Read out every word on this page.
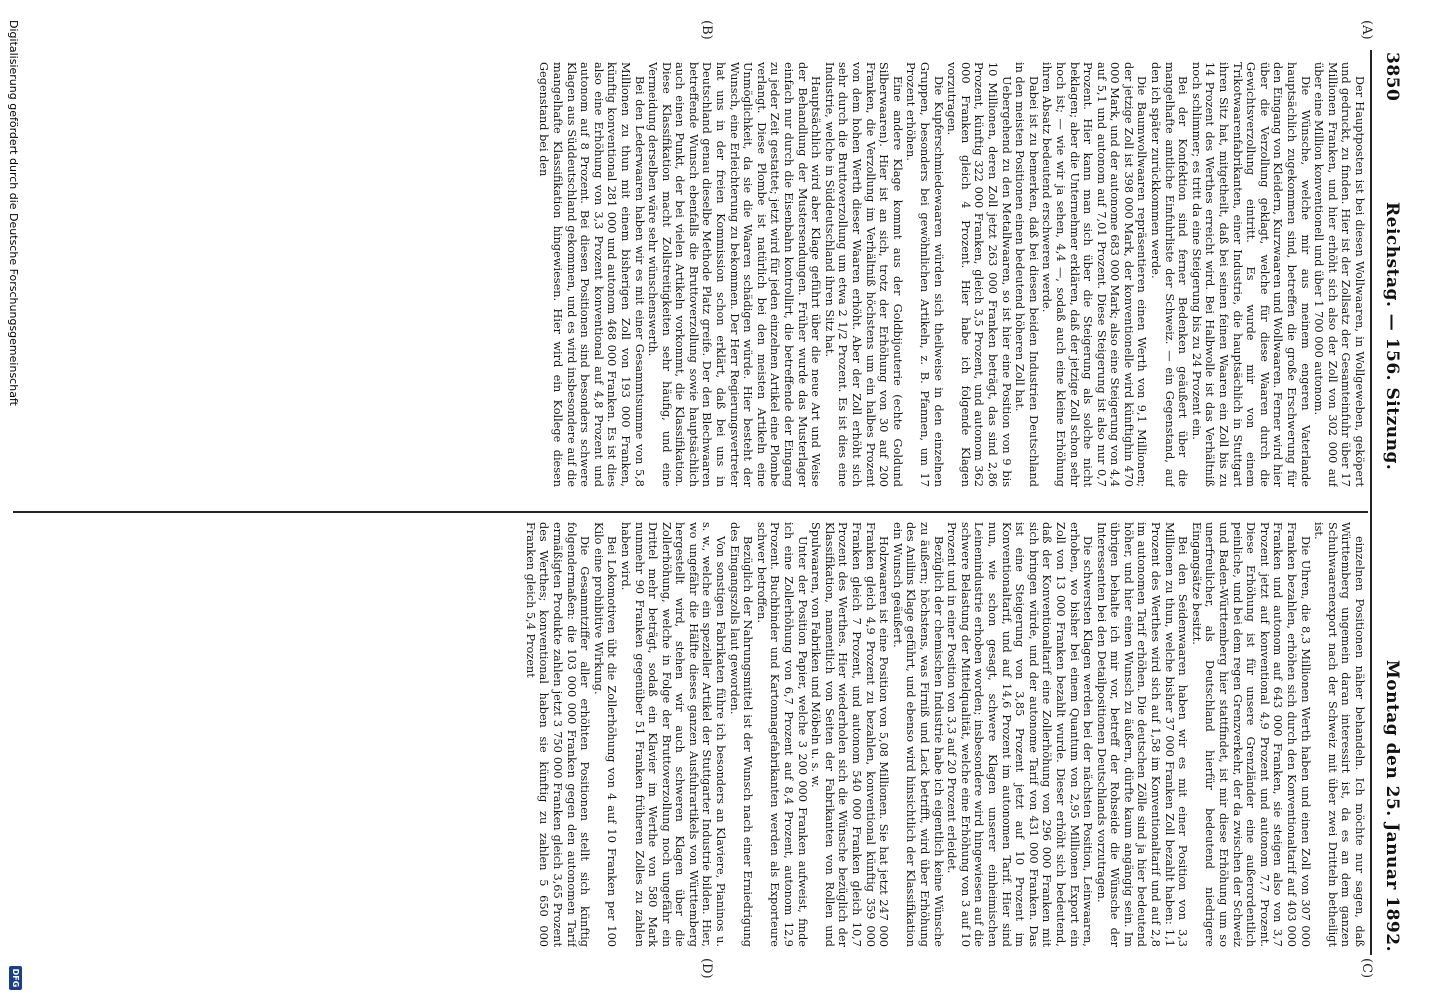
3850
Reichstag. — 156. Sitzung.
Montag den 25. Januar 1892.
(A)
(B)
(C)
(D)

Der Hauptposten ist bei diesen Wollwaaren, in Wollgeweben, geköpert und gedruckt, zu finden. Hier ist der Zollsatz der Gesamteinfuhr über 17 Millionen Franken, und hier erhöht sich also der Zoll von 302 000 auf über eine Million konventionell und über 1 700 000 autonom.

Die Wünsche, welche mir aus meinem engeren Vaterlande hauptsächlich zugekommen sind, betreffen die große Erschwerung für den Eingang von Kleidern, Kurzwaaren und Wollwaaren. Ferner wird hier über die Verzollung geklagt, welche für diese Waaren durch die Gewichtsverzollung eintritt. Es wurde mir von einem Trikotwaarenfabrikanten, einer Industrie, die hauptsächlich in Stuttgart ihren Sitz hat, mitgetheilt, daß bei seinen feinen Waaren ein Zoll bis zu 14 Prozent des Werthes erreicht wird. Bei Halbwolle ist das Verhältniß noch schlimmer; es tritt da eine Steigerung bis zu 24 Prozent ein.

Bei der Konfektion sind ferner Bedenken geäußert über die mangelhafte amtliche Einfuhrliste der Schweiz. — ein Gegenstand, auf den ich später zurückkommen werde.

Die Baumwollwaaren repräsentieren einen Werth von 9,1 Millionen; der jetzige Zoll ist 398 000 Mark, der konventionelle wird künftighin 470 000 Mark, und der autonome 683 000 Mark; also eine Steigerung von 4,4 auf 5,1 und autonom auf 7,01 Prozent. Diese Steigerung ist also nur 0,7 Prozent. Hier kann man sich über die Steigerung als solche nicht beklagen; aber die Unternehmer erklären, daß der jetzige Zoll schon sehr hoch ist; — wie wir ja sehen, 4,4 —, sodaß auch eine kleine Erhöhung ihren Absatz bedeutend erschweren werde.

Dabei ist zu bemerken, daß bei diesen beiden Industrien Deutschland in den meisten Positionen einen bedeutend höheren Zoll hat.

Uebergehend zu den Metallwaaren, so ist hier eine Position von 9 bis 10 Millionen, deren Zoll jetzt 263 000 Franken beträgt, das sind 2,86 Prozent, künftig 322 000 Franken, gleich 3,5 Prozent, und autonom 362 000 Franken gleich 4 Prozent. Hier habe ich folgende Klagen vorzutragen.

Die Kupferschmiedewaaren würden sich theilweise in den einzelnen Gruppen, besonders bei gewöhnlichen Artikeln, z. B. Pfannen, um 17 Prozent erhöhen.

Eine andere Klage kommt aus der Goldbijouterie (echte Goldund Silberwaaren). Hier ist an sich, trotz der Erhöhung von 30 auf 200 Franken, die Verzollung im Verhältniß höchstens um ein halbes Prozent von dem hohen Werth dieser Waaren erhöht. Aber der Zoll erhöht sich sehr durch die Bruttoverzollung um etwa 2 1/2 Prozent. Es ist dies eine Industrie, welche in Süddeutschland ihren Sitz hat.

Hauptsächlich wird aber Klage geführt über die neue Art und Weise der Behandlung der Mustersendungen. Früher wurde das Musterlager einfach nur durch die Eisenbahn kontrollirt, die betreffende der Eingang zu jeder Zeit gestattet; jetzt wird für jeden einzelnen Artikel eine Plombe verlangt. Diese Plombe ist natürlich bei den meisten Artikeln eine Unmöglichkeit, da sie die Waaren schädigen würde. Hier besteht der Wunsch, eine Erleichterung zu bekommen. Der Herr Regierungsvertreter hat uns in der freien Kommission schon erklärt, daß bei uns in Deutschland genau dieselbe Methode Platz greife. Der den Blechwaaren betreffende Wunsch ebenfalls die Bruttoverzollung sowie hauptsächlich auch einen Punkt, der bei vielen Artikeln vorkommt, die Klassifikation. Diese Klassifikation macht Zollstreitigkeiten sehr häufig, und eine Vermeidung derselben wäre sehr wünschenswerth.

Bei den Lederwaaren haben wir es mit einer Gesammtsumme von 5,8 Millionen zu thun mit einem bisherigen Zoll von 193 000 Franken, künftig konventional 281 000 und autonom 468 000 Franken. Es ist dies also eine Erhöhung von 3,3 Prozent konventional auf 4,8 Prozent und autonom auf 8 Prozent. Bei diesen Positionen sind besonders schwere Klagen aus Süddeutschland gekommen, und es wird insbesondere auf die mangelhafte Klassifikation hingewiesen. Hier wird ein Kollege diesen Gegenstand bei den

einzelnen Positionen näher behandeln. Ich möchte nur sagen, daß Württemberg ungemein daran interessirt ist, da es an dem ganzen Schuhwaarenexport nach der Schweiz mit über zwei Dritteln betheiligt ist.

Die Uhren, die 8,3 Millionen Werth haben und einen Zoll von 307 000 Franken bezahlen, erhöhen sich durch den Konventionaltarif auf 403 000 Franken und autonom auf 643 000 Franken, sie steigen also von 3,7 Prozent jetzt auf konventional 4,9 Prozent und autonom 7,7 Prozent. Diese Erhöhung ist für unsere Grenzländer eine außerordentlich peinliche, und bei dem regen Grenzverkehr, der da zwischen der Schweiz und Baden-Württemberg hier stattfindet, ist mir diese Erhöhung um so unerfreulicher, als Deutschland hierfür bedeutend niedrigere Eingangsätze besitzt.

Bei den Seidenwaaren haben wir es mit einer Position von 3,3 Millionen zu thun, welche bisher 37 000 Franken Zoll bezahlt haben: 1,1 Prozent des Werthes wird sich auf 1,58 im Konventionaltarif und auf 2,8 im autonomen Tarif erhöhen. Die deutschen Zölle sind ja hier bedeutend höher, und hier einen Wunsch zu äußern, dürfte kaum angängig sein. Im übrigen behalte ich mir vor, betreff der Rohseide die Wünsche der Interessenten bei den Detailpositionen Deutschlands vorzutragen.

Die schwersten Klagen werden bei der nächsten Position, Leinwaaren, erhoben, wo bisher bei einem Quantum von 2,95 Millionen Export ein Zoll von 13 000 Franken bezahlt wurde. Dieser erhöht sich bedeutend, daß der Konventionaltarif eine Zollerhöhung von 296 000 Franken mit sich bringen würde, und der autonome Tarif von 431 000 Franken. Das ist eine Steigerung von 3,85 Prozent jetzt auf 10 Prozent im Konventionaltarif, und auf 14,6 Prozent im autonomen Tarif. Hier sind nun, wie schon gesagt, schwere Klagen unserer einheimischen Leinenindustrie erhoben worden; insbesondere wird hingewiesen auf die schwere Belastung der Mittelqualität, welche eine Erhöhung von 3 auf 10 Prozent und in einer Position von 3,3 auf 20 Prozent erleidet.

Bezüglich der chemischen Industrie habe ich eigentlich keine Wünsche zu äußern; höchstens, was Firniß und Lack betrifft, wird über Erhöhung des Anilins Klage geführt, und ebenso wird hinsichtlich der Klassifikation ein Wunsch geäußert.

Holzwaaren ist eine Position von 5,08 Millionen. Sie hat jetzt 247 000 Franken gleich 4,9 Prozent zu bezahlen, konventional künftig 359 000 Franken gleich 7 Prozent, und autonom 540 000 Franken gleich 10,7 Prozent des Werthes. Hier wiederholen sich die Wünsche bezüglich der Klassifikation, namentlich von Seiten der Fabrikanten von Rollen und Spulwaaren, von Fabriken und Möbeln u. s. w.

Unter der Position Papier, welche 3 200 000 Franken aufweist, finde ich eine Zollerhöhung von 6,7 Prozent auf 8,4 Prozent, autonom 12,9 Prozent. Buchbinder und Kartonnagefabrikanten werden als Exporteure schwer betroffen.

Bezüglich der Nahrungsmittel ist der Wunsch nach einer Erniedrigung des Eingangszolls laut geworden.

Von sonstigen Fabrikaten führe ich besonders an Klaviere, Pianinos u. s. w., welche ein spezieller Artikel der Stuttgarter Industrie bilden. Hier, wo ungefähr die Hälfte dieses ganzen Ausfuhrartikels von Württemberg hergestellt wird, stehen wir auch schweren Klagen über die Zollerhöhung, welche in Folge der Bruttoverzollung noch ungefähr ein Drittel mehr beträgt, sodaß ein Klavier im Werthe von 580 Mark nunmehr 90 Franken gegenüber 51 Franken früheren Zolles zu zahlen haben wird.

Bei Lokomotiven übt die Zollerhöhung von 4 auf 10 Franken per 100 Kilo eine prohibitive Wirkung.

Die Gesammtziffer aller erhöhten Positionen stellt sich künftig folgendermaßen: die 103 000 000 Franken gegen den autonomen Tarif ermäßigten Produkte zahlen jetzt 3 750 000 Franken gleich 3,65 Prozent des Werthes; konventional haben sie künftig zu zahlen 5 650 000 Franken gleich 5,4 Prozent

Digitalisierung gefördert durch die Deutsche Forschungsgemeinschaft
DFG
